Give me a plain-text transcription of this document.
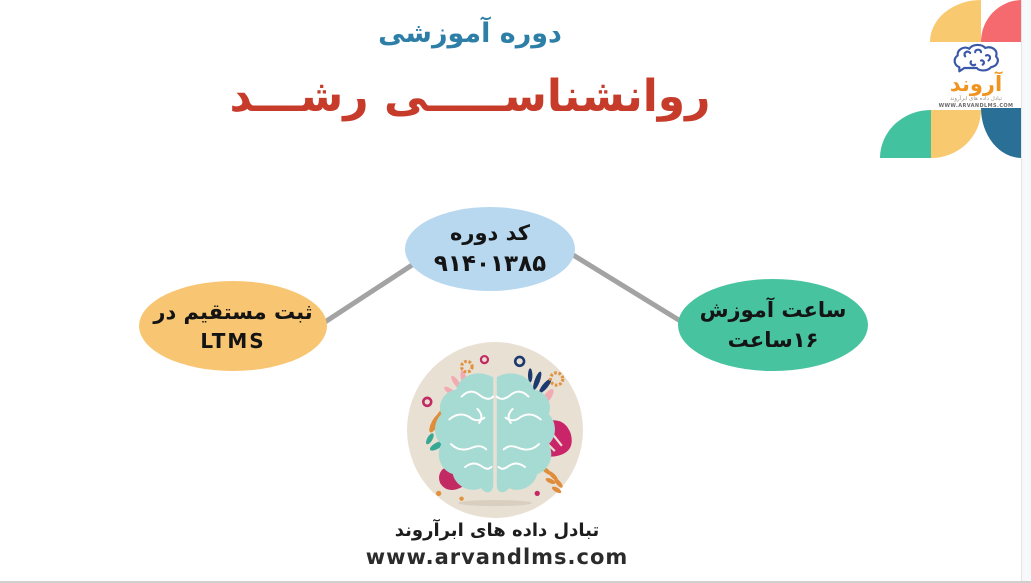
دوره آموزشی
روانشناســـــی رشـــد	آروند
تبادل داده های ابرآروند
WWW.ARVANDLMS.COM
کد دوره
۹۱۴۰۱۳۸۵
ثبت مستقیم در
LTMS
ساعت آموزش
۱۶ساعت
تبادل داده های ابرآروند
www.arvandlms.com
